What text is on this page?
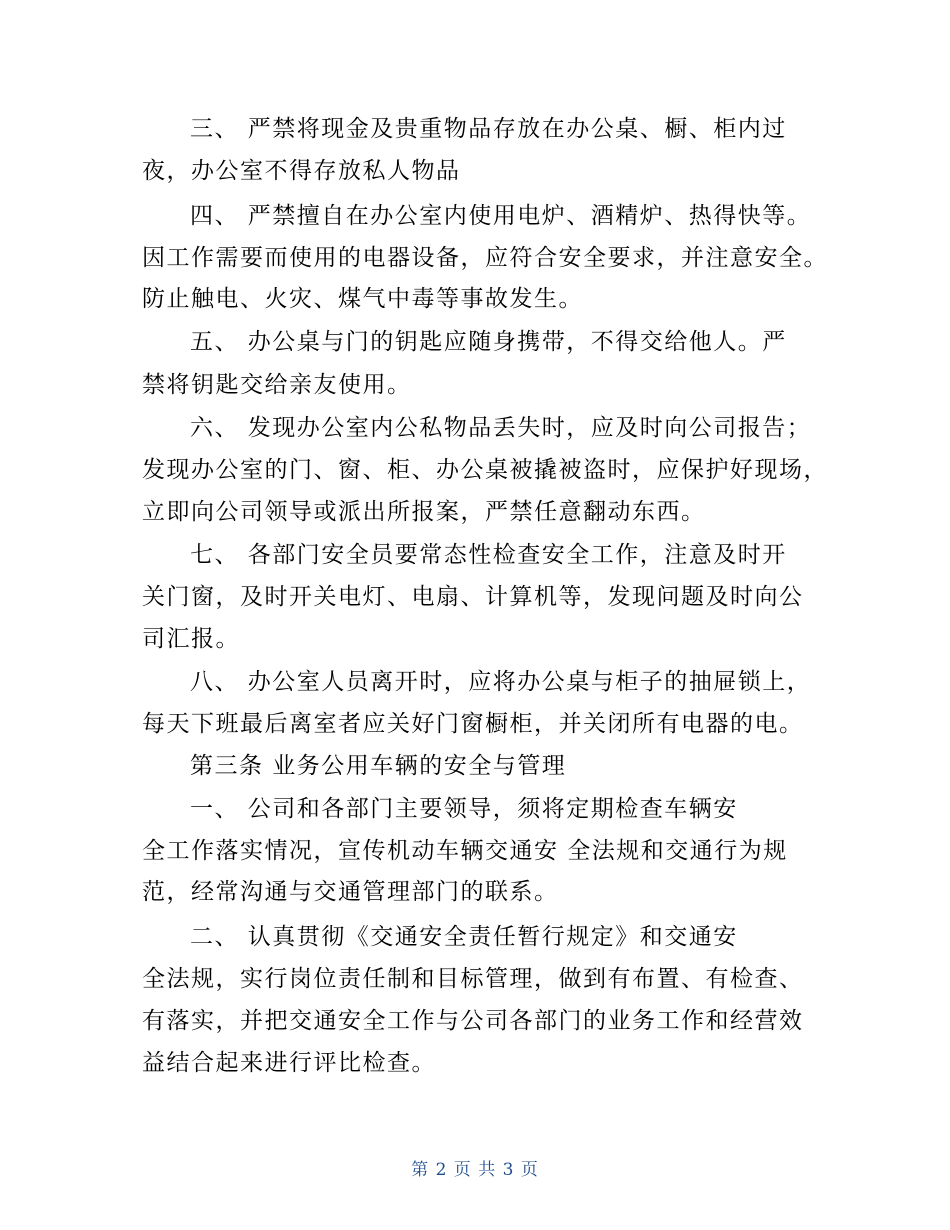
三、 严禁将现金及贵重物品存放在办公桌、橱、柜内过
夜，办公室不得存放私人物品
四、 严禁擅自在办公室内使用电炉、酒精炉、热得快等。
因工作需要而使用的电器设备，应符合安全要求，并注意安全。
防止触电、火灾、煤气中毒等事故发生。
五、 办公桌与门的钥匙应随身携带，不得交给他人。严
禁将钥匙交给亲友使用。
六、 发现办公室内公私物品丢失时，应及时向公司报告；
发现办公室的门、窗、柜、办公桌被撬被盗时，应保护好现场，
立即向公司领导或派出所报案，严禁任意翻动东西。
七、 各部门安全员要常态性检查安全工作，注意及时开
关门窗，及时开关电灯、电扇、计算机等，发现问题及时向公
司汇报。
八、 办公室人员离开时，应将办公桌与柜子的抽屉锁上，
每天下班最后离室者应关好门窗橱柜，并关闭所有电器的电。
第三条 业务公用车辆的安全与管理
一、 公司和各部门主要领导，须将定期检查车辆安
全工作落实情况，宣传机动车辆交通安 全法规和交通行为规
范，经常沟通与交通管理部门的联系。
二、 认真贯彻《交通安全责任暂行规定》和交通安
全法规，实行岗位责任制和目标管理，做到有布置、有检查、
有落实，并把交通安全工作与公司各部门的业务工作和经营效
益结合起来进行评比检查。
第 2 页 共 3 页
